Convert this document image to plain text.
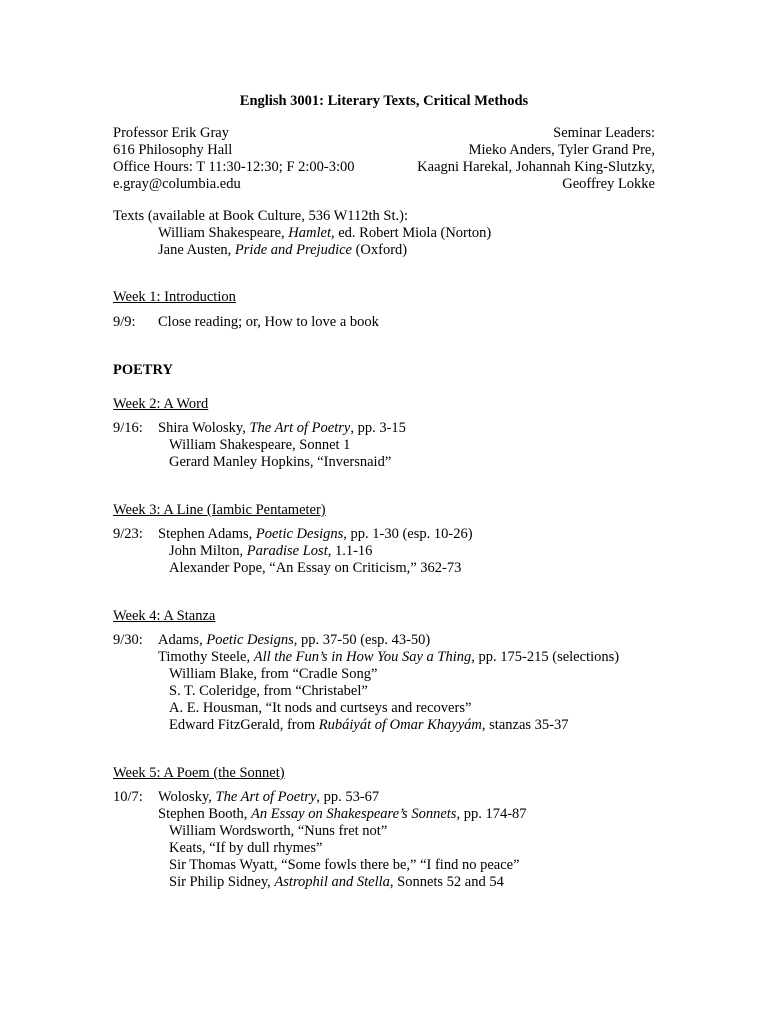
English 3001: Literary Texts, Critical Methods
Professor Erik Gray
616 Philosophy Hall
Office Hours: T 11:30-12:30; F 2:00-3:00
e.gray@columbia.edu
Seminar Leaders:
Mieko Anders, Tyler Grand Pre,
Kaagni Harekal, Johannah King-Slutzky,
Geoffrey Lokke
Texts (available at Book Culture, 536 W112th St.):
William Shakespeare, Hamlet, ed. Robert Miola (Norton)
Jane Austen, Pride and Prejudice (Oxford)
Week 1: Introduction
9/9: Close reading; or, How to love a book
POETRY
Week 2: A Word
9/16: Shira Wolosky, The Art of Poetry, pp. 3-15
William Shakespeare, Sonnet 1
Gerard Manley Hopkins, “Inversnaid”
Week 3: A Line (Iambic Pentameter)
9/23: Stephen Adams, Poetic Designs, pp. 1-30 (esp. 10-26)
John Milton, Paradise Lost, 1.1-16
Alexander Pope, “An Essay on Criticism,” 362-73
Week 4: A Stanza
9/30: Adams, Poetic Designs, pp. 37-50 (esp. 43-50)
Timothy Steele, All the Fun’s in How You Say a Thing, pp. 175-215 (selections)
William Blake, from “Cradle Song”
S. T. Coleridge, from “Christabel”
A. E. Housman, “It nods and curtseys and recovers”
Edward FitzGerald, from Rubáiyát of Omar Khayyám, stanzas 35-37
Week 5: A Poem (the Sonnet)
10/7: Wolosky, The Art of Poetry, pp. 53-67
Stephen Booth, An Essay on Shakespeare’s Sonnets, pp. 174-87
William Wordsworth, “Nuns fret not”
Keats, “If by dull rhymes”
Sir Thomas Wyatt, “Some fowls there be,” “I find no peace”
Sir Philip Sidney, Astrophil and Stella, Sonnets 52 and 54
